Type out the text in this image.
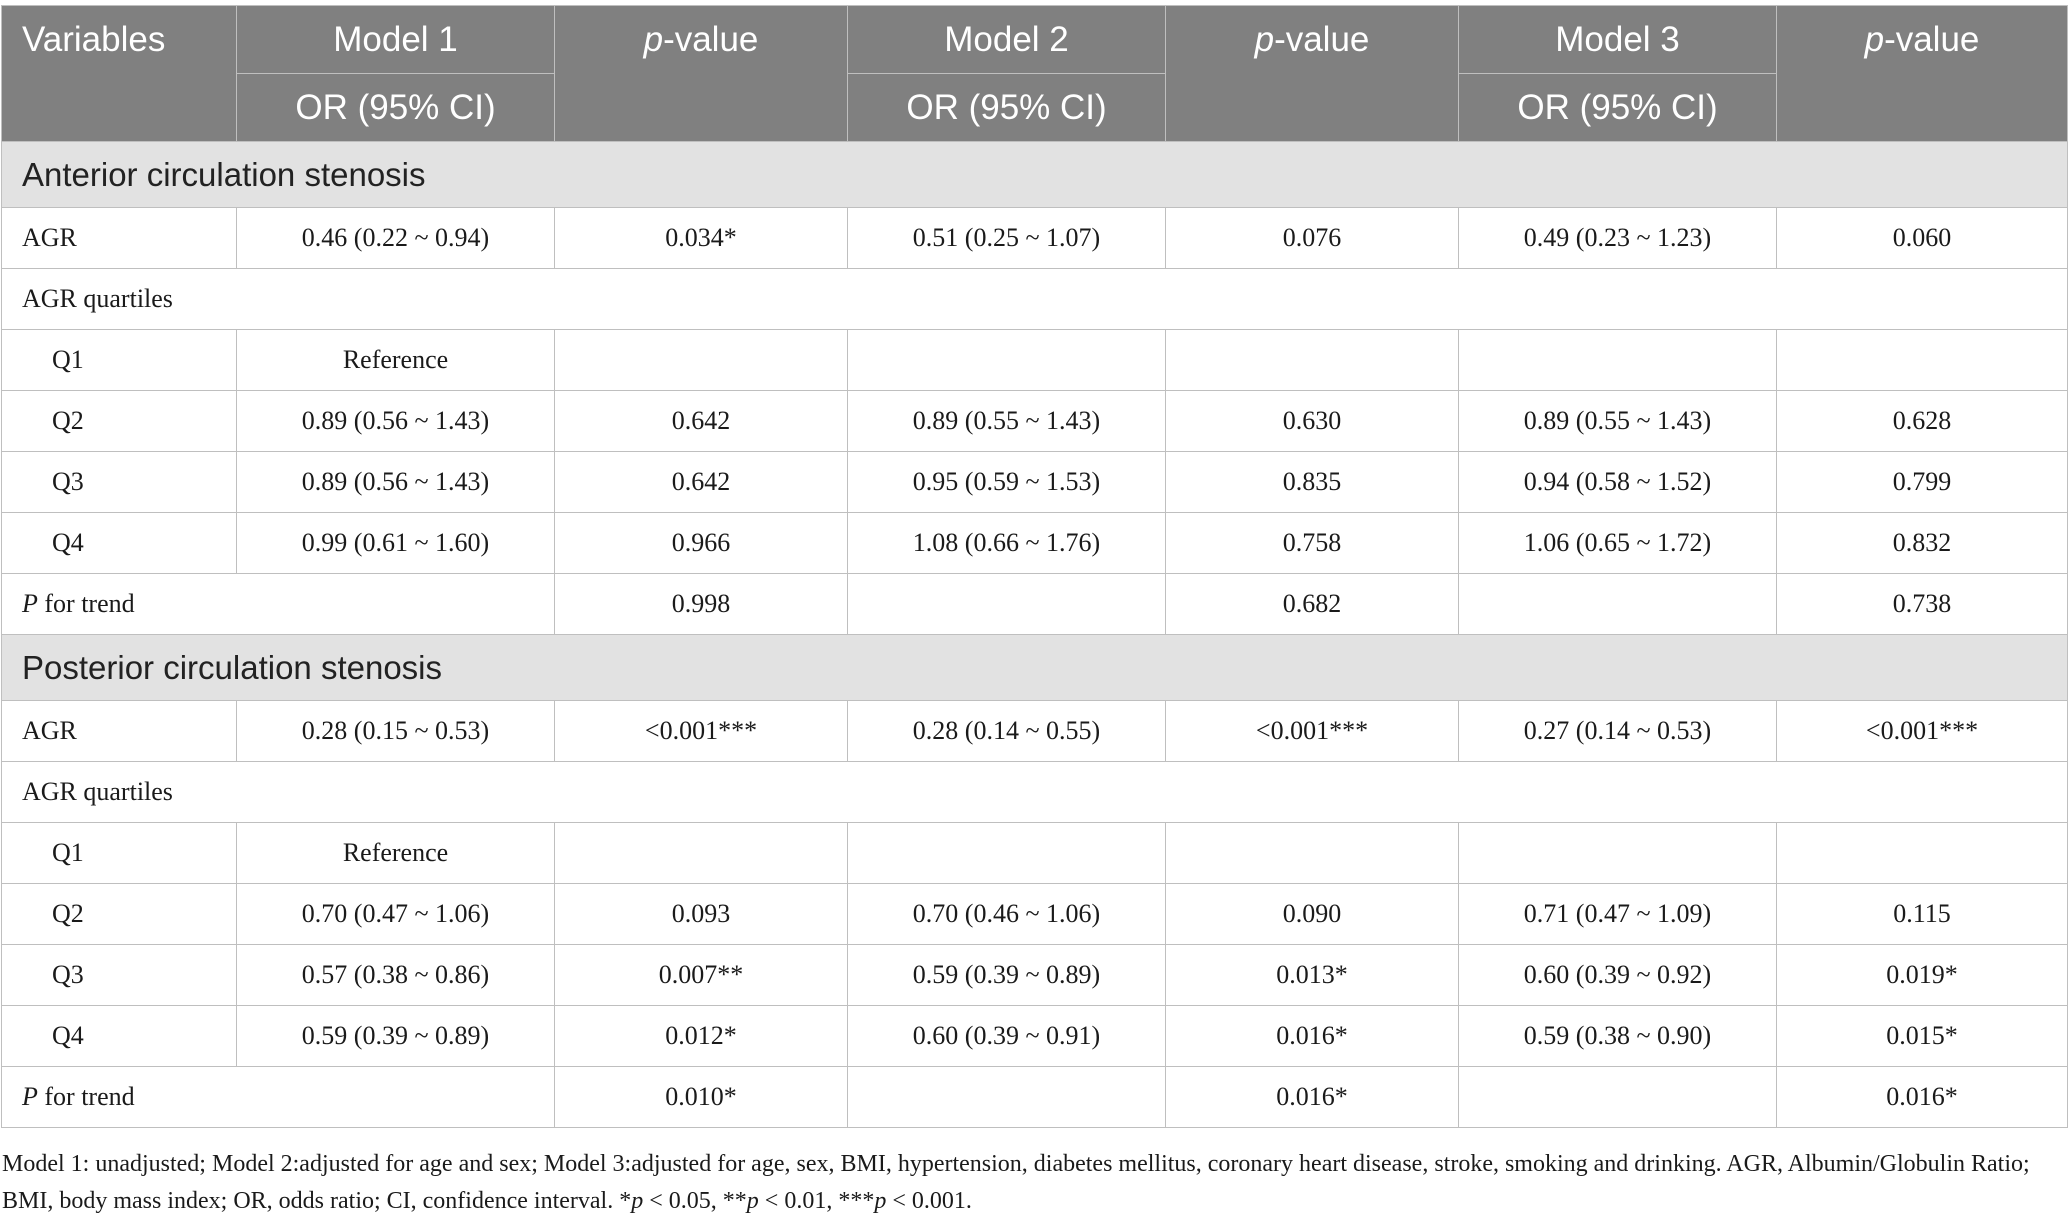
Variables	Model 1	p-value	Model 2	p-value	Model 3	p-value
	OR (95% CI)		OR (95% CI)		OR (95% CI)	
Anterior circulation stenosis						
AGR	0.46 (0.22 ~ 0.94)	0.034*	0.51 (0.25 ~ 1.07)	0.076	0.49 (0.23 ~ 1.23)	0.060
AGR quartiles						
Q1	Reference					
Q2	0.89 (0.56 ~ 1.43)	0.642	0.89 (0.55 ~ 1.43)	0.630	0.89 (0.55 ~ 1.43)	0.628
Q3	0.89 (0.56 ~ 1.43)	0.642	0.95 (0.59 ~ 1.53)	0.835	0.94 (0.58 ~ 1.52)	0.799
Q4	0.99 (0.61 ~ 1.60)	0.966	1.08 (0.66 ~ 1.76)	0.758	1.06 (0.65 ~ 1.72)	0.832
P for trend		0.998		0.682		0.738
Posterior circulation stenosis						
AGR	0.28 (0.15 ~ 0.53)	<0.001***	0.28 (0.14 ~ 0.55)	<0.001***	0.27 (0.14 ~ 0.53)	<0.001***
AGR quartiles						
Q1	Reference					
Q2	0.70 (0.47 ~ 1.06)	0.093	0.70 (0.46 ~ 1.06)	0.090	0.71 (0.47 ~ 1.09)	0.115
Q3	0.57 (0.38 ~ 0.86)	0.007**	0.59 (0.39 ~ 0.89)	0.013*	0.60 (0.39 ~ 0.92)	0.019*
Q4	0.59 (0.39 ~ 0.89)	0.012*	0.60 (0.39 ~ 0.91)	0.016*	0.59 (0.38 ~ 0.90)	0.015*
P for trend		0.010*		0.016*		0.016*
Model 1: unadjusted; Model 2:adjusted for age and sex; Model 3:adjusted for age, sex, BMI, hypertension, diabetes mellitus, coronary heart disease, stroke, smoking and drinking. AGR, Albumin/Globulin Ratio; BMI, body mass index; OR, odds ratio; CI, confidence interval. *p < 0.05, **p < 0.01, ***p < 0.001.
